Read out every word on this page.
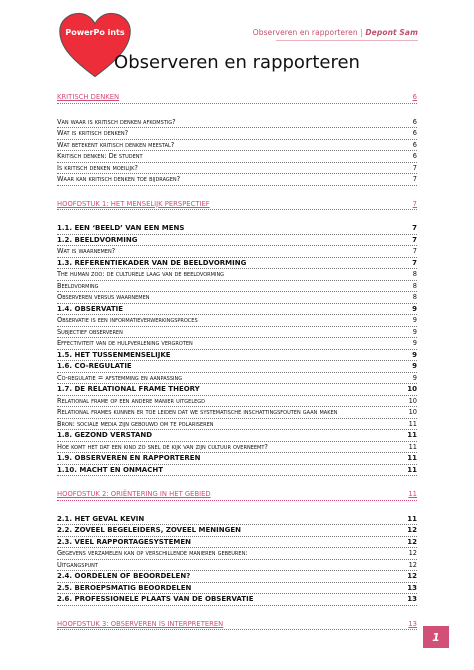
PowerPo ints	Observeren en rapporteren | Depont Sam
Observeren en rapporteren
KRITISCH DENKEN	6
Van waar is kritisch denken afkomstig?	6
Wat is kritisch denken?	6
Wat betekent kritisch denken meestal?	6
Kritisch denken: De student	6
Is kritisch denken moeilijk?	7
Waar kan kritisch denken toe bijdragen?	7
HOOFDSTUK 1: HET MENSELIJK PERSPECTIEF	7
1.1. EEN ‘BEELD’ VAN EEN MENS	7
1.2. BEELDVORMING	7
Wat is waarnemen?	7
1.3. REFERENTIEKADER VAN DE BEELDVORMING	7
The human zoo: de culturele laag van de beeldvorming	8
Beeldvorming	8
Observeren versus waarnemen	8
1.4. OBSERVATIE	9
Observatie is een informatieverwerkingsproces	9
Subjectief observeren	9
Effectiviteit van de hulpverlening vergroten	9
1.5. HET TUSSENMENSELIJKE	9
1.6. CO-REGULATIE	9
Co-regulatie = afstemming en aanpassing	9
1.7. DE RELATIONAL FRAME THEORY	10
Relational frame op een andere manier uitgelegd	10
Relational frames kunnen er toe leiden dat we systematische inschattingsfouten gaan maken	10
Bron: sociale media zijn gebouwd om te polariseren	11
1.8. GEZOND VERSTAND	11
Hoe komt het dat een kind zo snel de kijk van zijn cultuur overneemt?	11
1.9. OBSERVEREN EN RAPPORTEREN	11
1.10. MACHT EN ONMACHT	11
HOOFDSTUK 2: ORIËNTERING IN HET GEBIED	11
2.1. HET GEVAL KEVIN	11
2.2. ZOVEEL BEGELEIDERS, ZOVEEL MENINGEN	12
2.3. VEEL RAPPORTAGESYSTEMEN	12
Gegevens verzamelen kan op verschillende manieren gebeuren:	12
Uitgangspunt	12
2.4. OORDELEN OF BEOORDELEN?	12
2.5. BEROEPSMATIG BEOORDELEN	13
2.6. PROFESSIONELE PLAATS VAN DE OBSERVATIE	13
HOOFDSTUK 3: OBSERVEREN IS INTERPRETEREN	13
1
